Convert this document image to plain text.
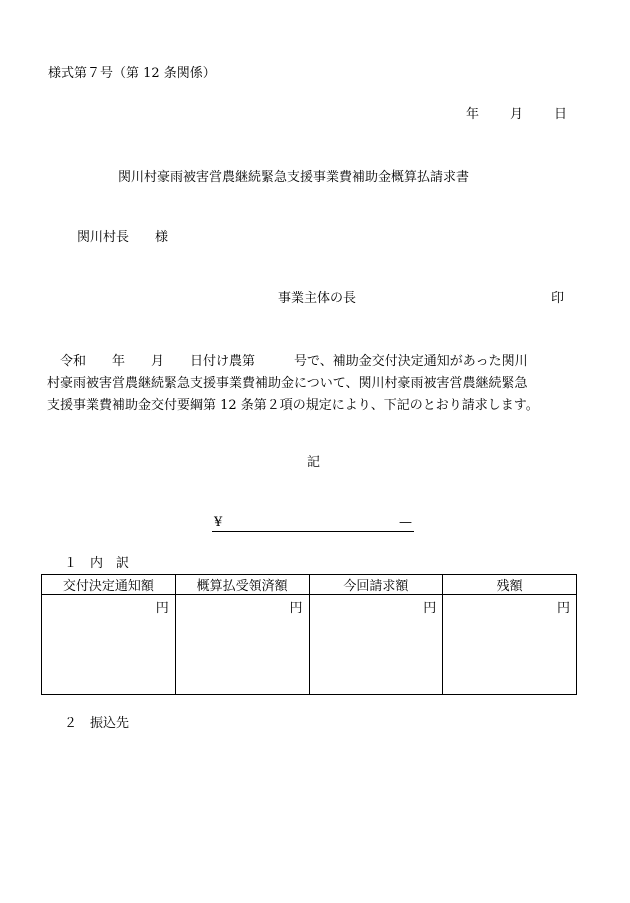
様式第７号（第 12 条関係）
年 月 日
関川村豪雨被害営農継続緊急支援事業費補助金概算払請求書
関川村長　　様
事業主体の長	印

　令和　　年　　月　　日付け農第　　　号で、補助金交付決定通知があった関川

村豪雨被害営農継続緊急支援事業費補助金について、関川村豪雨被害営農継続緊急

支援事業費補助金交付要綱第 12 条第２項の規定により、下記のとおり請求します。

記
¥	—
１ 内　訳
交付決定通知額	概算払受領済額	今回請求額	残額
円	円	円	円
２ 振込先
